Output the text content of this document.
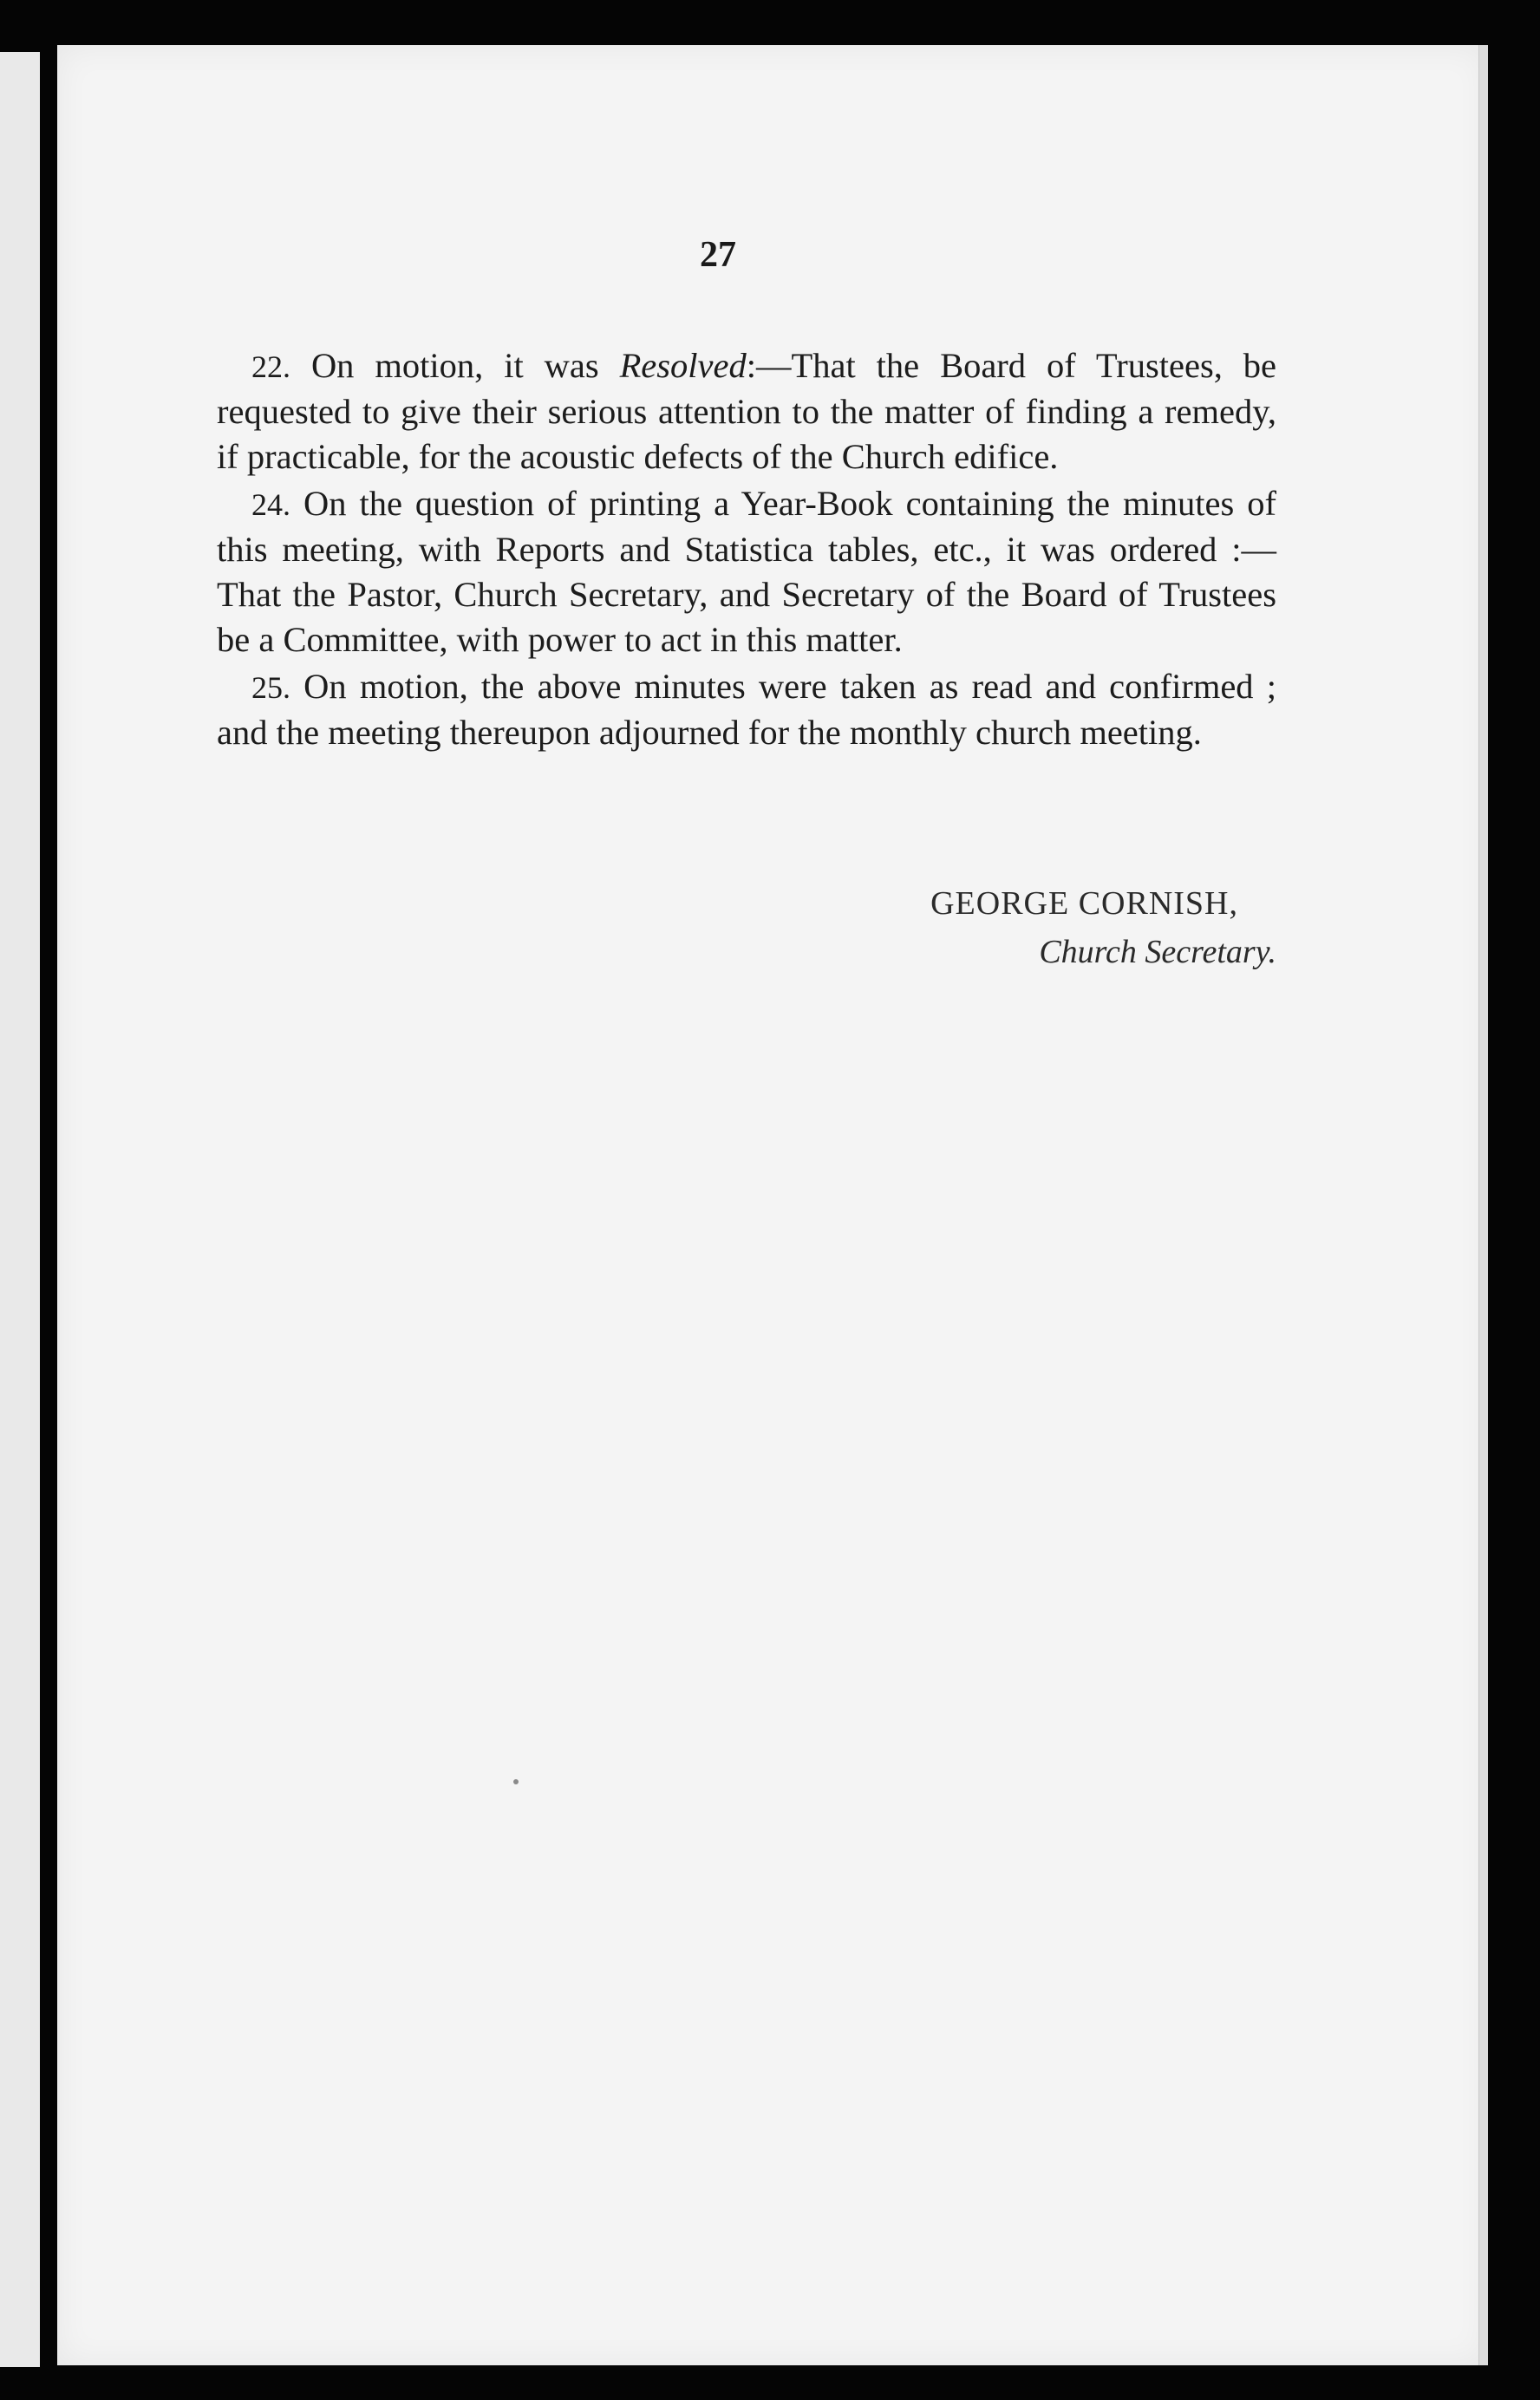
27

22. On motion, it was Resolved:—That the Board of Trustees, be requested to give their serious attention to the matter of finding a remedy, if practicable, for the acoustic defects of the Church edifice.

24. On the question of printing a Year-Book containing the minutes of this meeting, with Reports and Statistica tables, etc., it was ordered :—That the Pastor, Church Secretary, and Secretary of the Board of Trustees be a Committee, with power to act in this matter.

25. On motion, the above minutes were taken as read and confirmed ; and the meeting thereupon adjourned for the monthly church meeting.

GEORGE CORNISH,
Church Secretary.
